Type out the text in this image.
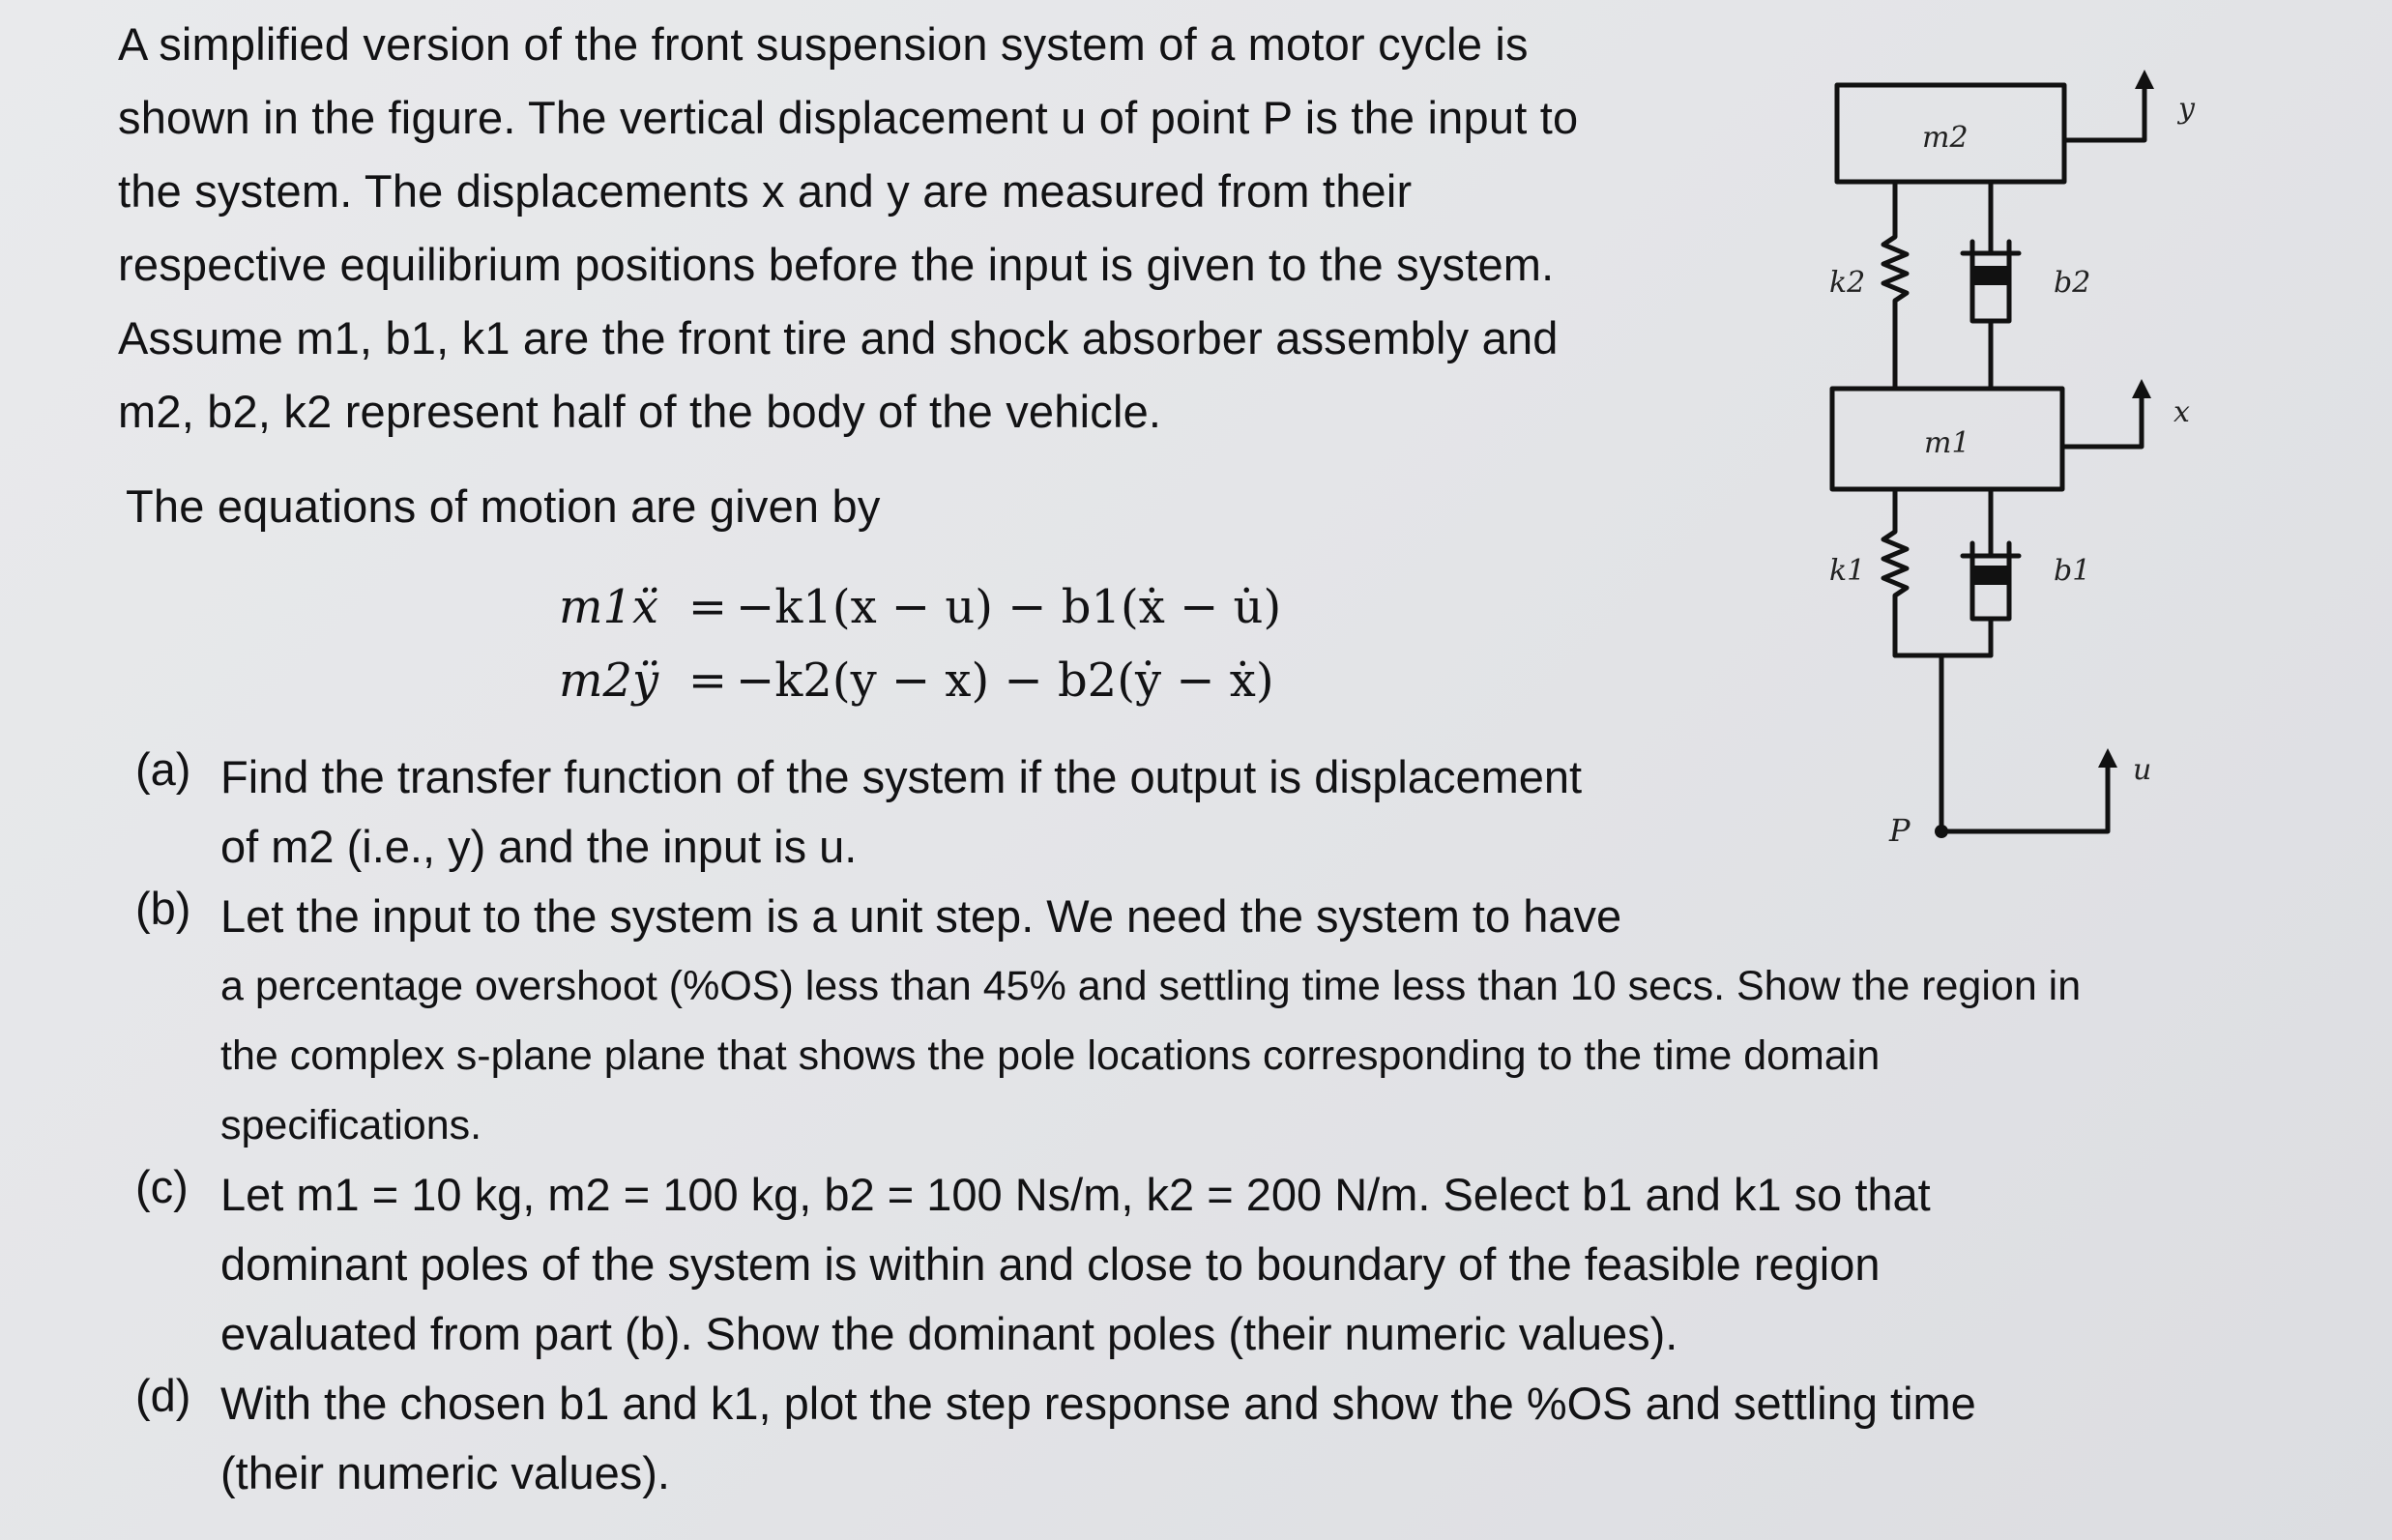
A simplified version of the front suspension system of a motor cycle is
shown in the figure. The vertical displacement u of point P is the input to
the system. The displacements x and y are measured from their
respective equilibrium positions before the input is given to the system.
Assume m1, b1, k1 are the front tire and shock absorber assembly and
m2, b2, k2 represent half of the body of the vehicle.
The equations of motion are given by
m1ẍ = −k1(x − u) − b1(ẋ − u̇)
m2ÿ = −k2(y − x) − b2(ẏ − ẋ)
(a) Find the transfer function of the system if the output is displacement
of m2 (i.e., y) and the input is u.
(b) Let the input to the system is a unit step. We need the system to have
a percentage overshoot (%OS) less than 45% and settling time less than 10 secs. Show the region in
the complex s-plane plane that shows the pole locations corresponding to the time domain
specifications.
(c) Let m1 = 10 kg, m2 = 100 kg, b2 = 100 Ns/m, k2 = 200 N/m. Select b1 and k1 so that
dominant poles of the system is within and close to boundary of the feasible region
evaluated from part (b). Show the dominant poles (their numeric values).
(d) With the chosen b1 and k1, plot the step response and show the %OS and settling time
(their numeric values).
m2
m1
k2	b2
k1	b1
y
x
u
P
